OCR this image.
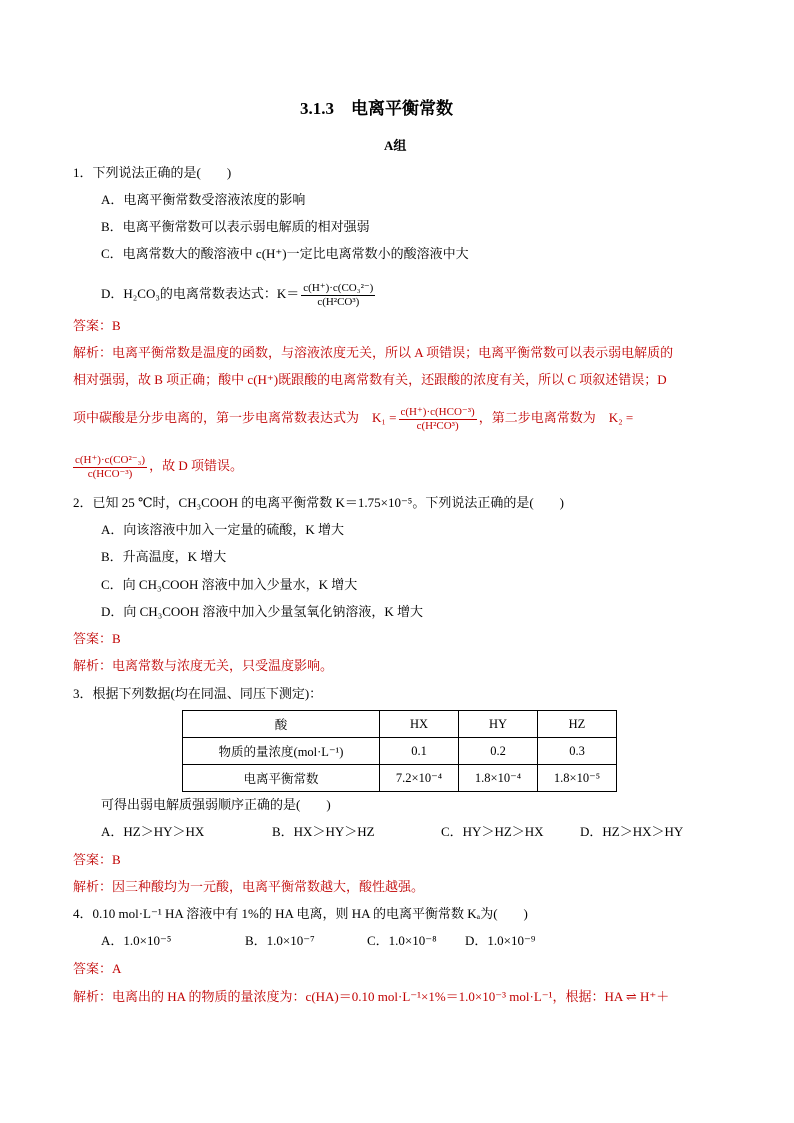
3.1.3　电离平衡常数
A组
1．下列说法正确的是(　　)
A．电离平衡常数受溶液浓度的影响
B．电离平衡常数可以表示弱电解质的相对强弱
C．电离常数大的酸溶液中 c(H⁺)一定比电离常数小的酸溶液中大
D．H₂CO₃的电离常数表达式：$K= \frac{\text{c(H⁺)·c(CO₃²⁻)}}{\text{c(H²CO³)}}$
答案：B
解析：电离平衡常数是温度的函数，与溶液浓度无关，所以 A 项错误；电离平衡常数可以表示弱电解质的
相对强弱，故 B 项正确；酸中 c(H⁺)既跟酸的电离常数有关，还跟酸的浓度有关，所以 C 项叙述错误；D
项中碳酸是分步电离的，第一步电离常数表达式为　$K_1 = \frac{\text{c(H⁺)·c(HCO⁻³)}}{\text{c(H²CO³)}}$ ，第二步电离常数为　K₂ =
$\frac{\text{c(H⁺)·c(CO²⁻₃)}}{\text{c(HCO⁻³)}}$ ，故 D 项错误。
2．已知 25 ℃时，CH₃COOH 的电离平衡常数 K＝1.75×10⁻⁵。下列说法正确的是(　　)
A．向该溶液中加入一定量的硫酸，K 增大
B．升高温度，K 增大
C．向 CH₃COOH 溶液中加入少量水，K 增大
D．向 CH₃COOH 溶液中加入少量氢氧化钠溶液，K 增大
答案：B
解析：电离常数与浓度无关，只受温度影响。
3．根据下列数据(均在同温、同压下测定)：
酸	HX	HY	HZ
物质的量浓度(mol·L⁻¹)	0.1	0.2	0.3
电离平衡常数	7.2×10⁻⁴	1.8×10⁻⁴	1.8×10⁻⁵
可得出弱电解质强弱顺序正确的是(　　)
A．HZ＞HY＞HX	B．HX＞HY＞HZ	C．HY＞HZ＞HX	D．HZ＞HX＞HY
答案：B
解析：因三种酸均为一元酸，电离平衡常数越大，酸性越强。
4．0.10 mol·L⁻¹ HA 溶液中有 1%的 HA 电离，则 HA 的电离平衡常数 Kₐ为(　　)
A．1.0×10⁻⁵	B．1.0×10⁻⁷	C．1.0×10⁻⁸ D．1.0×10⁻⁹
答案：A
解析：电离出的 HA 的物质的量浓度为：c(HA)＝0.10 mol·L⁻¹×1%＝1.0×10⁻³ mol·L⁻¹，根据：HA ⇌ H⁺＋
